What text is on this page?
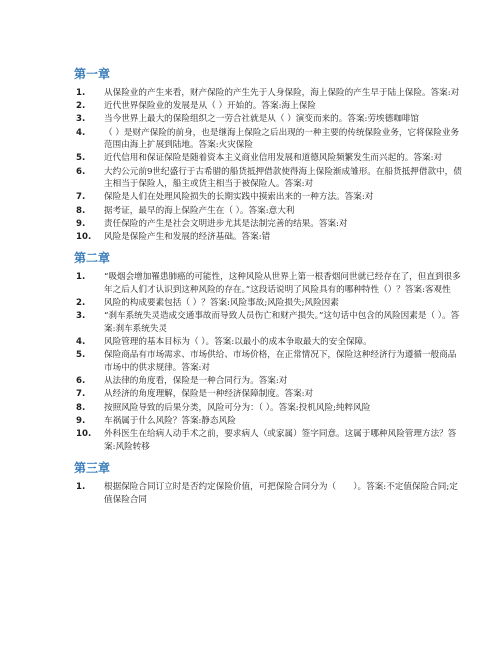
第一章
1.	从保险业的产生来看，财产保险的产生先于人身保险，海上保险的产生早于陆上保险。答案:对
2.	近代世界保险业的发展是从（ ）开始的。答案:海上保险
3.	当今世界上最大的保险组织之一劳合社就是从（ ）演变而来的。答案:劳埃德咖啡馆
4.	（ ）是财产保险的前身，也是继海上保险之后出现的一种主要的传统保险业务，它将保险业务范围由海上扩展到陆地。答案:火灾保险
5.	近代信用和保证保险是随着资本主义商业信用发展和道德风险频繁发生而兴起的。答案:对
6.	大约公元前9世纪盛行于古希腊的船货抵押借款使得海上保险渐成雏形。在船货抵押借款中，债主相当于保险人，船主或货主相当于被保险人。答案:对
7.	保险是人们在处理风险损失的长期实践中摸索出来的一种方法。答案:对
8.	据考证，最早的海上保险产生在（ ）。答案:意大利
9.	责任保险的产生是社会文明进步尤其是法制完善的结果。答案:对
10.	风险是保险产生和发展的经济基础。答案:错
第二章
1.	“吸烟会增加罹患肺癌的可能性，这种风险从世界上第一根香烟问世就已经存在了，但直到很多年之后人们才认识到这种风险的存在。”这段话说明了风险具有的哪种特性（）？答案:客观性
2.	风险的构成要素包括（ ）？答案:风险事故;风险损失;风险因素
3.	“刹车系统失灵造成交通事故而导致人员伤亡和财产损失。”这句话中包含的风险因素是（ ）。答案:刹车系统失灵
4.	风险管理的基本目标为（ ）。答案:以最小的成本争取最大的安全保障。
5.	保险商品有市场需求、市场供给、市场价格，在正常情况下，保险这种经济行为遵循一般商品市场中的供求规律。答案:对
6.	从法律的角度看，保险是一种合同行为。答案:对
7.	从经济的角度理解，保险是一种经济保障制度。答案:对
8.	按照风险导致的后果分类，风险可分为：（ ）。答案:投机风险;纯粹风险
9.	车祸属于什么风险？答案:静态风险
10.	外科医生在给病人动手术之前，要求病人（或家属）签字同意。这属于哪种风险管理方法？答案:风险转移
第三章
1.	根据保险合同订立时是否约定保险价值，可把保险合同分为（　　）。答案:不定值保险合同;定值保险合同
